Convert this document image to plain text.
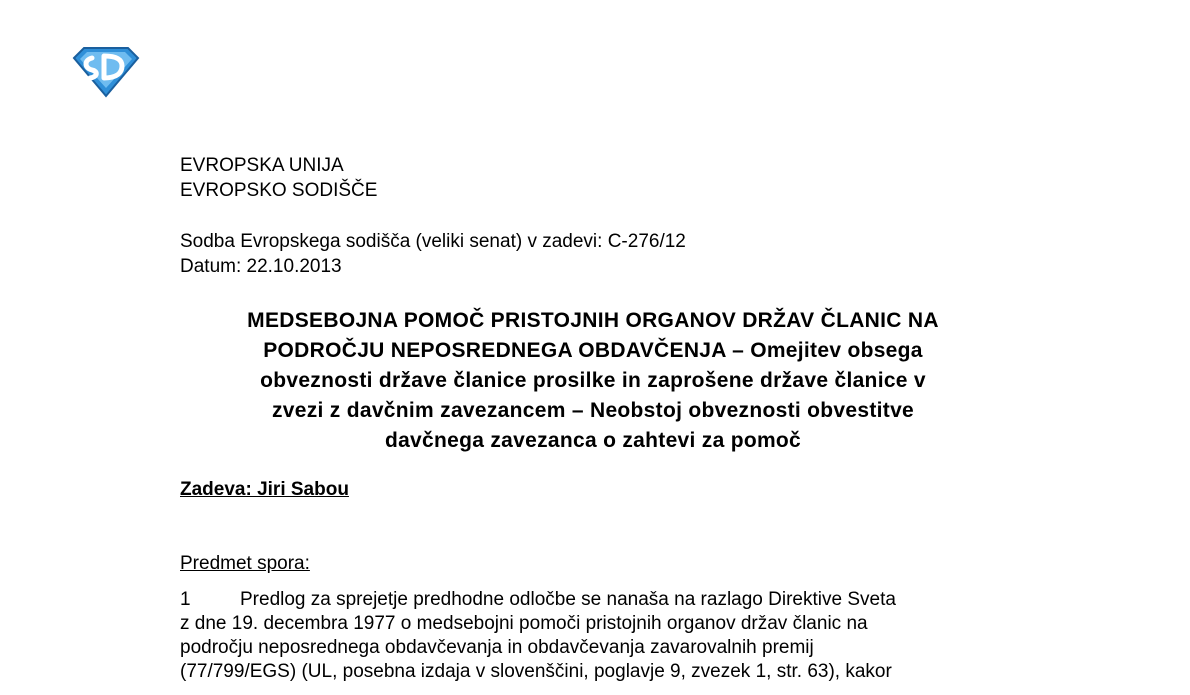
EVROPSKA UNIJA
EVROPSKO SODIŠČE
Sodba Evropskega sodišča (veliki senat) v zadevi: C-276/12
Datum: 22.10.2013
MEDSEBOJNA POMOČ PRISTOJNIH ORGANOV DRŽAV ČLANIC NA
PODROČJU NEPOSREDNEGA OBDAVČENJA – Omejitev obsega
obveznosti države članice prosilke in zaprošene države članice v
zvezi z davčnim zavezancem – Neobstoj obveznosti obvestitve
davčnega zavezanca o zahtevi za pomoč
Zadeva: Jiri Sabou
Predmet spora:
1	Predlog za sprejetje predhodne odločbe se nanaša na razlago Direktive Sveta
z dne 19. decembra 1977 o medsebojni pomoči pristojnih organov držav članic na
področju neposrednega obdavčevanja in obdavčevanja zavarovalnih premij
(77/799/EGS) (UL, posebna izdaja v slovenščini, poglavje 9, zvezek 1, str. 63), kakor
